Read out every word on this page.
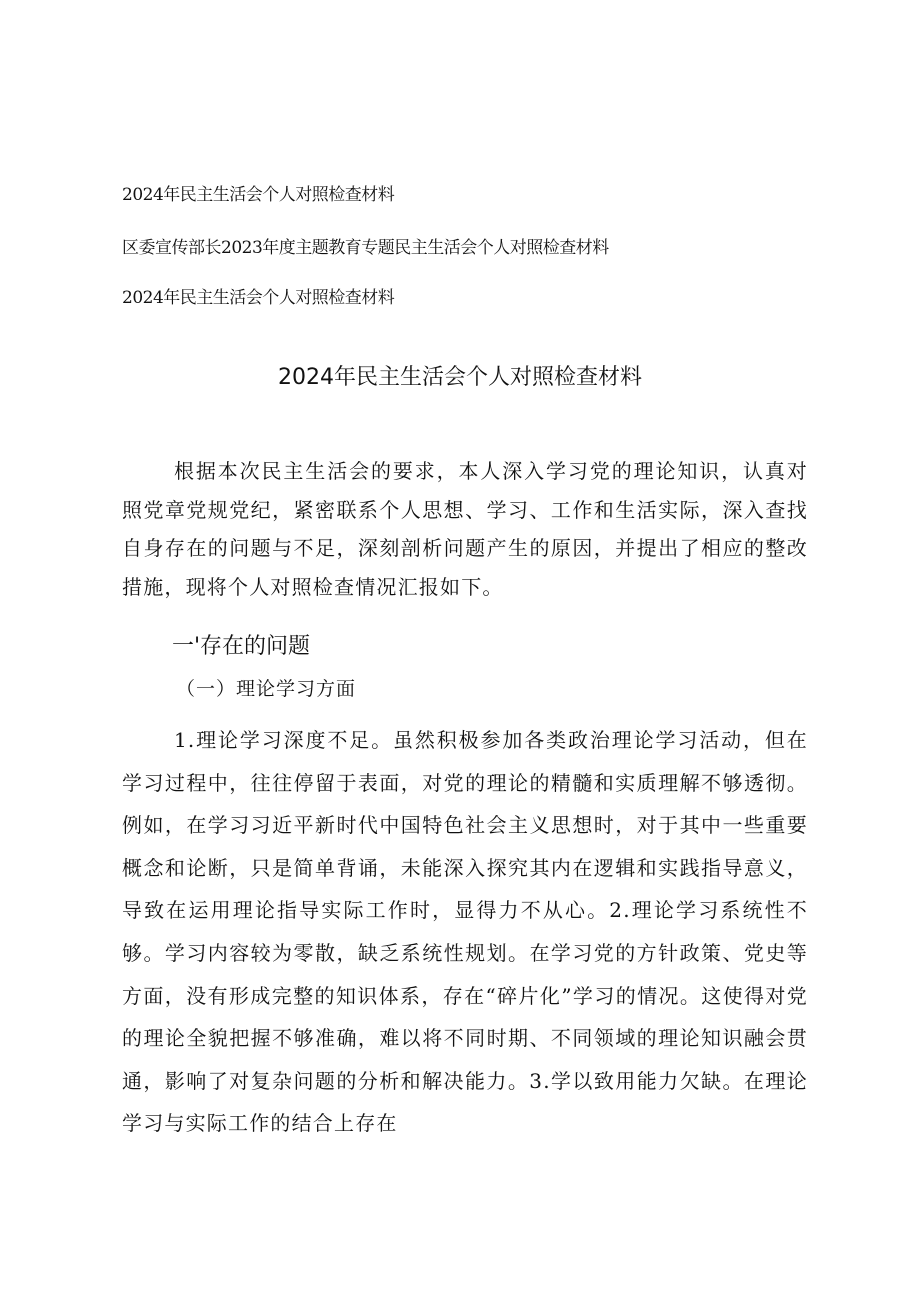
2024年民主生活会个人对照检查材料
区委宣传部长2023年度主题教育专题民主生活会个人对照检查材料
2024年民主生活会个人对照检查材料
2024年民主生活会个人对照检查材料

根据本次民主生活会的要求，本人深入学习党的理论知识，认真对照党章党规党纪，紧密联系个人思想、学习、工作和生活实际，深入查找自身存在的问题与不足，深刻剖析问题产生的原因，并提出了相应的整改措施，现将个人对照检查情况汇报如下。

一'存在的问题
（一）理论学习方面

1.理论学习深度不足。虽然积极参加各类政治理论学习活动，但在学习过程中，往往停留于表面，对党的理论的精髓和实质理解不够透彻。例如，在学习习近平新时代中国特色社会主义思想时，对于其中一些重要概念和论断，只是简单背诵，未能深入探究其内在逻辑和实践指导意义，导致在运用理论指导实际工作时，显得力不从心。2.理论学习系统性不够。学习内容较为零散，缺乏系统性规划。在学习党的方针政策、党史等方面，没有形成完整的知识体系，存在“碎片化”学习的情况。这使得对党的理论全貌把握不够准确，难以将不同时期、不同领域的理论知识融会贯通，影响了对复杂问题的分析和解决能力。3.学以致用能力欠缺。在理论学习与实际工作的结合上存在
